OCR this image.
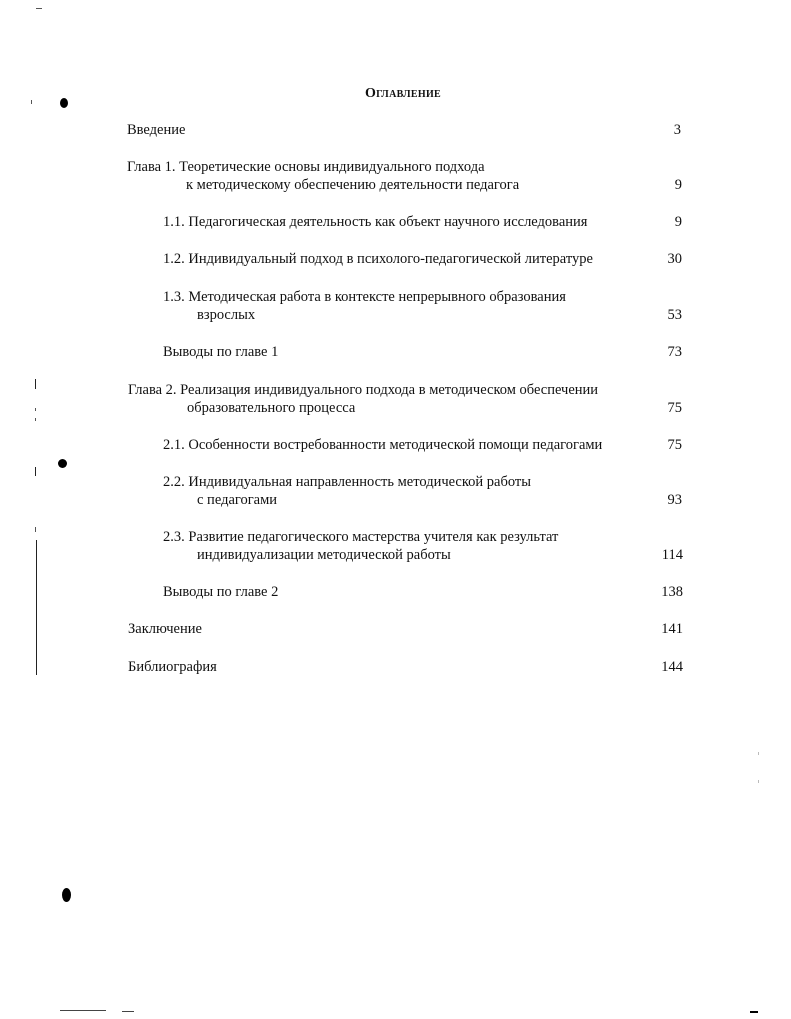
Оглавление
Введение	3
Глава 1. Теоретические основы индивидуального подхода
к методическому обеспечению деятельности педагога	9
1.1. Педагогическая деятельность как объект научного исследования	9
1.2. Индивидуальный подход в психолого-педагогической литературе	30
1.3. Методическая работа в контексте непрерывного образования
взрослых	53
Выводы по главе 1	73
Глава 2. Реализация индивидуального подхода в методическом обеспечении
образовательного процесса	75
2.1. Особенности востребованности методической помощи педагогами	75
2.2. Индивидуальная направленность методической работы
с педагогами	93
2.3. Развитие педагогического мастерства учителя как результат
индивидуализации методической работы	114
Выводы по главе 2	138
Заключение	141
Библиография	144
